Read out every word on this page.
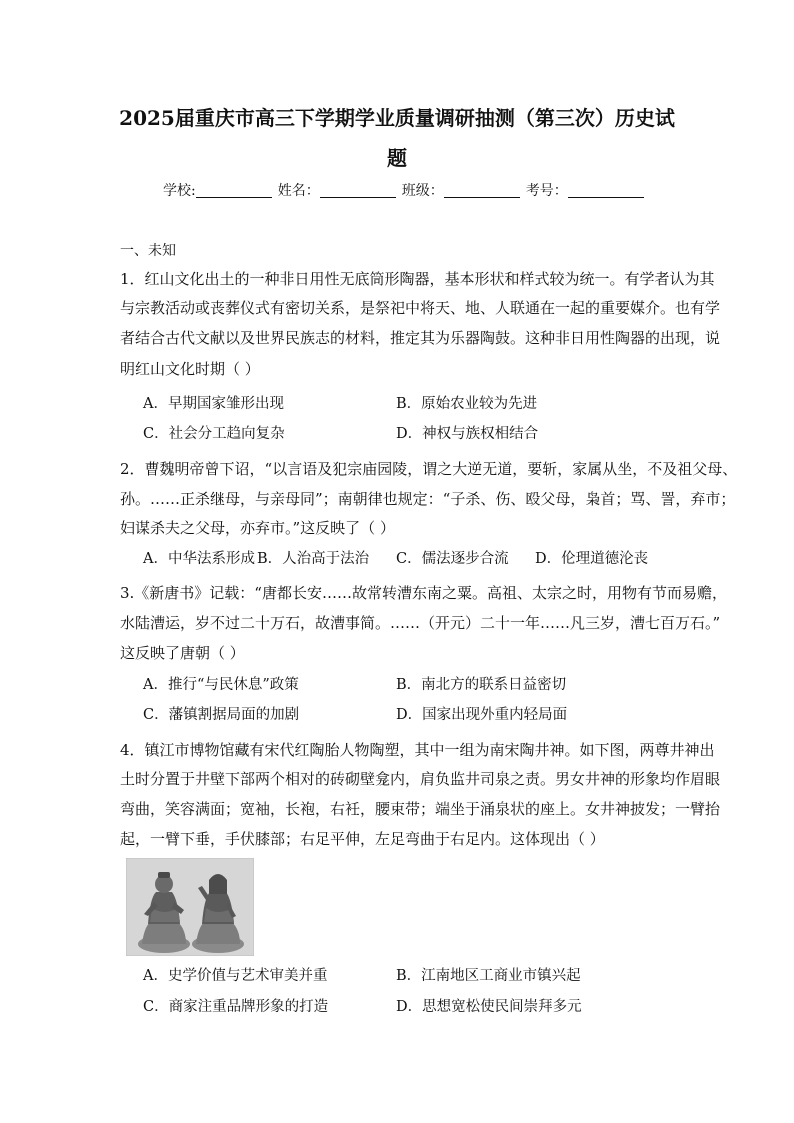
2025届重庆市高三下学期学业质量调研抽测（第三次）历史试
题
学校:	姓名：	班级：	考号：
一、未知
1．红山文化出土的一种非日用性无底筒形陶器，基本形状和样式较为统一。有学者认为其
与宗教活动或丧葬仪式有密切关系，是祭祀中将天、地、人联通在一起的重要媒介。也有学
者结合古代文献以及世界民族志的材料，推定其为乐器陶鼓。这种非日用性陶器的出现，说
明红山文化时期（ ）
A．早期国家雏形出现	B．原始农业较为先进
C．社会分工趋向复杂	D．神权与族权相结合
2．曹魏明帝曾下诏，“以言语及犯宗庙园陵，谓之大逆无道，要斩，家属从坐，不及祖父母、
孙。……正杀继母，与亲母同”；南朝律也规定：“子杀、伤、殴父母，枭首；骂、詈，弃市；
妇谋杀夫之父母，亦弃市。”这反映了（ ）
A．中华法系形成 B．人治高于法治 C．儒法逐步合流 D．伦理道德沦丧
3.《新唐书》记载：“唐都长安……故常转漕东南之粟。高祖、太宗之时，用物有节而易赡，
水陆漕运，岁不过二十万石，故漕事简。……（开元）二十一年……凡三岁，漕七百万石。”
这反映了唐朝（ ）
A．推行“与民休息”政策	B．南北方的联系日益密切
C．藩镇割据局面的加剧	D．国家出现外重内轻局面
4．镇江市博物馆藏有宋代红陶胎人物陶塑，其中一组为南宋陶井神。如下图，两尊井神出
土时分置于井壁下部两个相对的砖砌壁龛内，肩负监井司泉之责。男女井神的形象均作眉眼
弯曲，笑容满面；宽袖，长袍，右衽，腰束带；端坐于涌泉状的座上。女井神披发；一臂抬
起，一臂下垂，手伏膝部；右足平伸，左足弯曲于右足内。这体现出（ ）
A．史学价值与艺术审美并重	B．江南地区工商业市镇兴起
C．商家注重品牌形象的打造	D．思想宽松使民间崇拜多元
